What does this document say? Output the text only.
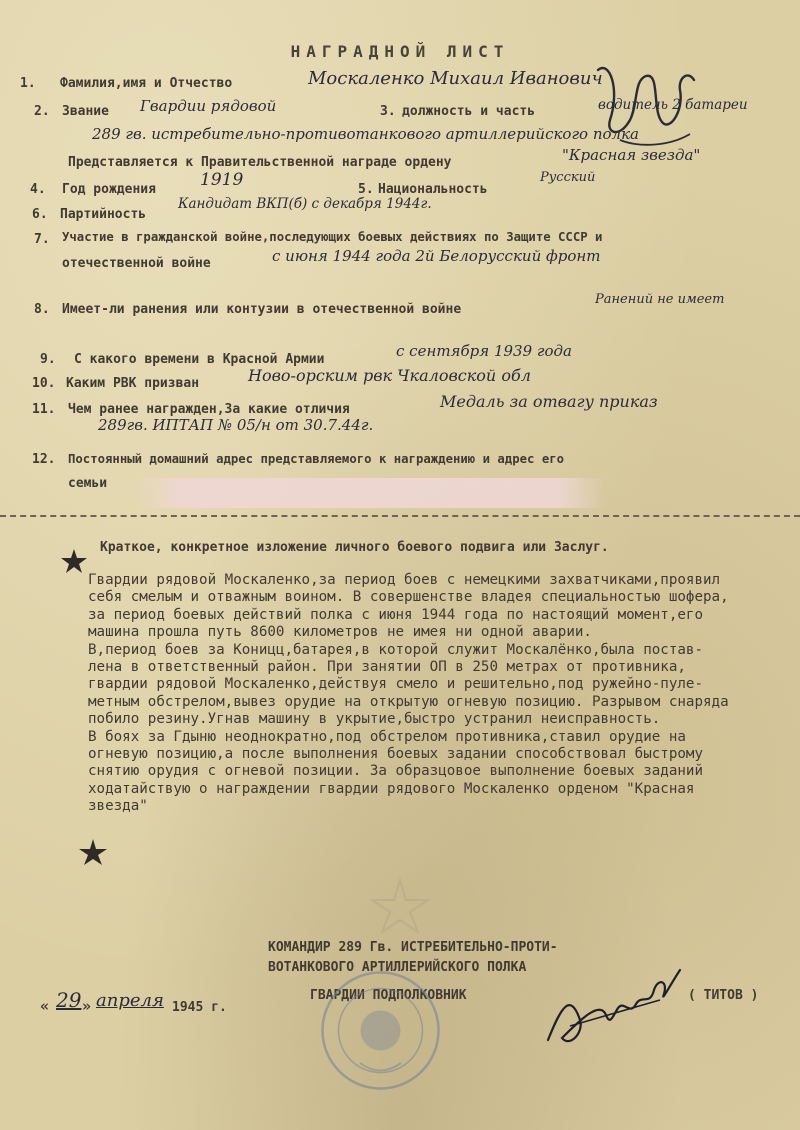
НАГРАДНОЙ ЛИСТ
1. Фамилия,имя и Отчество	Москаленко Михаил Иванович
2. Звание Гвардии рядовой	3. должность и часть	водитель 2 батареи
289 гв. истребительно-противотанкового артиллерийского полка
Представляется к Правительственной награде ордену	"Красная звезда"
4. Год рождения	1919	5. Национальность
Русский
6. Партийность
Кандидат ВКП(б) с декабря 1944г.
7. Участие в гражданской войне,последующих боевых действиях по Защите СССР и
отечественной войне	с июня 1944 года 2й Белорусский фронт
8. Имеет-ли ранения или контузии в отечественной войне
Ранений не имеет
9. С какого времени в Красной Армии	с сентября 1939 года
10. Каким РВК призван	Ново-орским рвк Чкаловской обл
11. Чем ранее награжден,За какие отличия	Медаль за отвагу приказ
289гв. ИПТАП № 05/н от 30.7.44г.
12. Постоянный домашний адрес представляемого к награждению и адрес его
семьи
Краткое, конкретное изложение личного боевого подвига или Заслуг.

Гвардии рядовой Москаленко,за период боев с немецкими захватчиками,проявил

себя смелым и отважным воином. В совершенстве владея специальностью шофера,

за период боевых действий полка с июня 1944 года по настоящий момент,его

машина прошла путь 8600 километров не имея ни одной аварии.

В,период боев за Коницц,батарея,в которой служит Москалёнко,была постав-

лена в ответственный район. При занятии ОП в 250 метрах от противника,

гвардии рядовой Москаленко,действуя смело и решительно,под ружейно-пуле-

метным обстрелом,вывез орудие на открытую огневую позицию. Разрывом снаряда

побило резину.Угнав машину в укрытие,быстро устранил неисправность.

В боях за Гдыню неоднократно,под обстрелом противника,ставил орудие на

огневую позицию,а после выполнения боевых задании способствовал быстрому

снятию орудия с огневой позиции. За образцовое выполнение боевых заданий

ходатайствую о награждении гвардии рядового Москаленко орденом "Красная

звезда"

КОМАНДИР 289 Гв. ИСТРЕБИТЕЛЬНО-ПРОТИ-
ВОТАНКОВОГО АРТИЛЛЕРИЙСКОГО ПОЛКА
ГВАРДИИ ПОДПОЛКОВНИК	( ТИТОВ )
« 29 » апреля 1945 г.
